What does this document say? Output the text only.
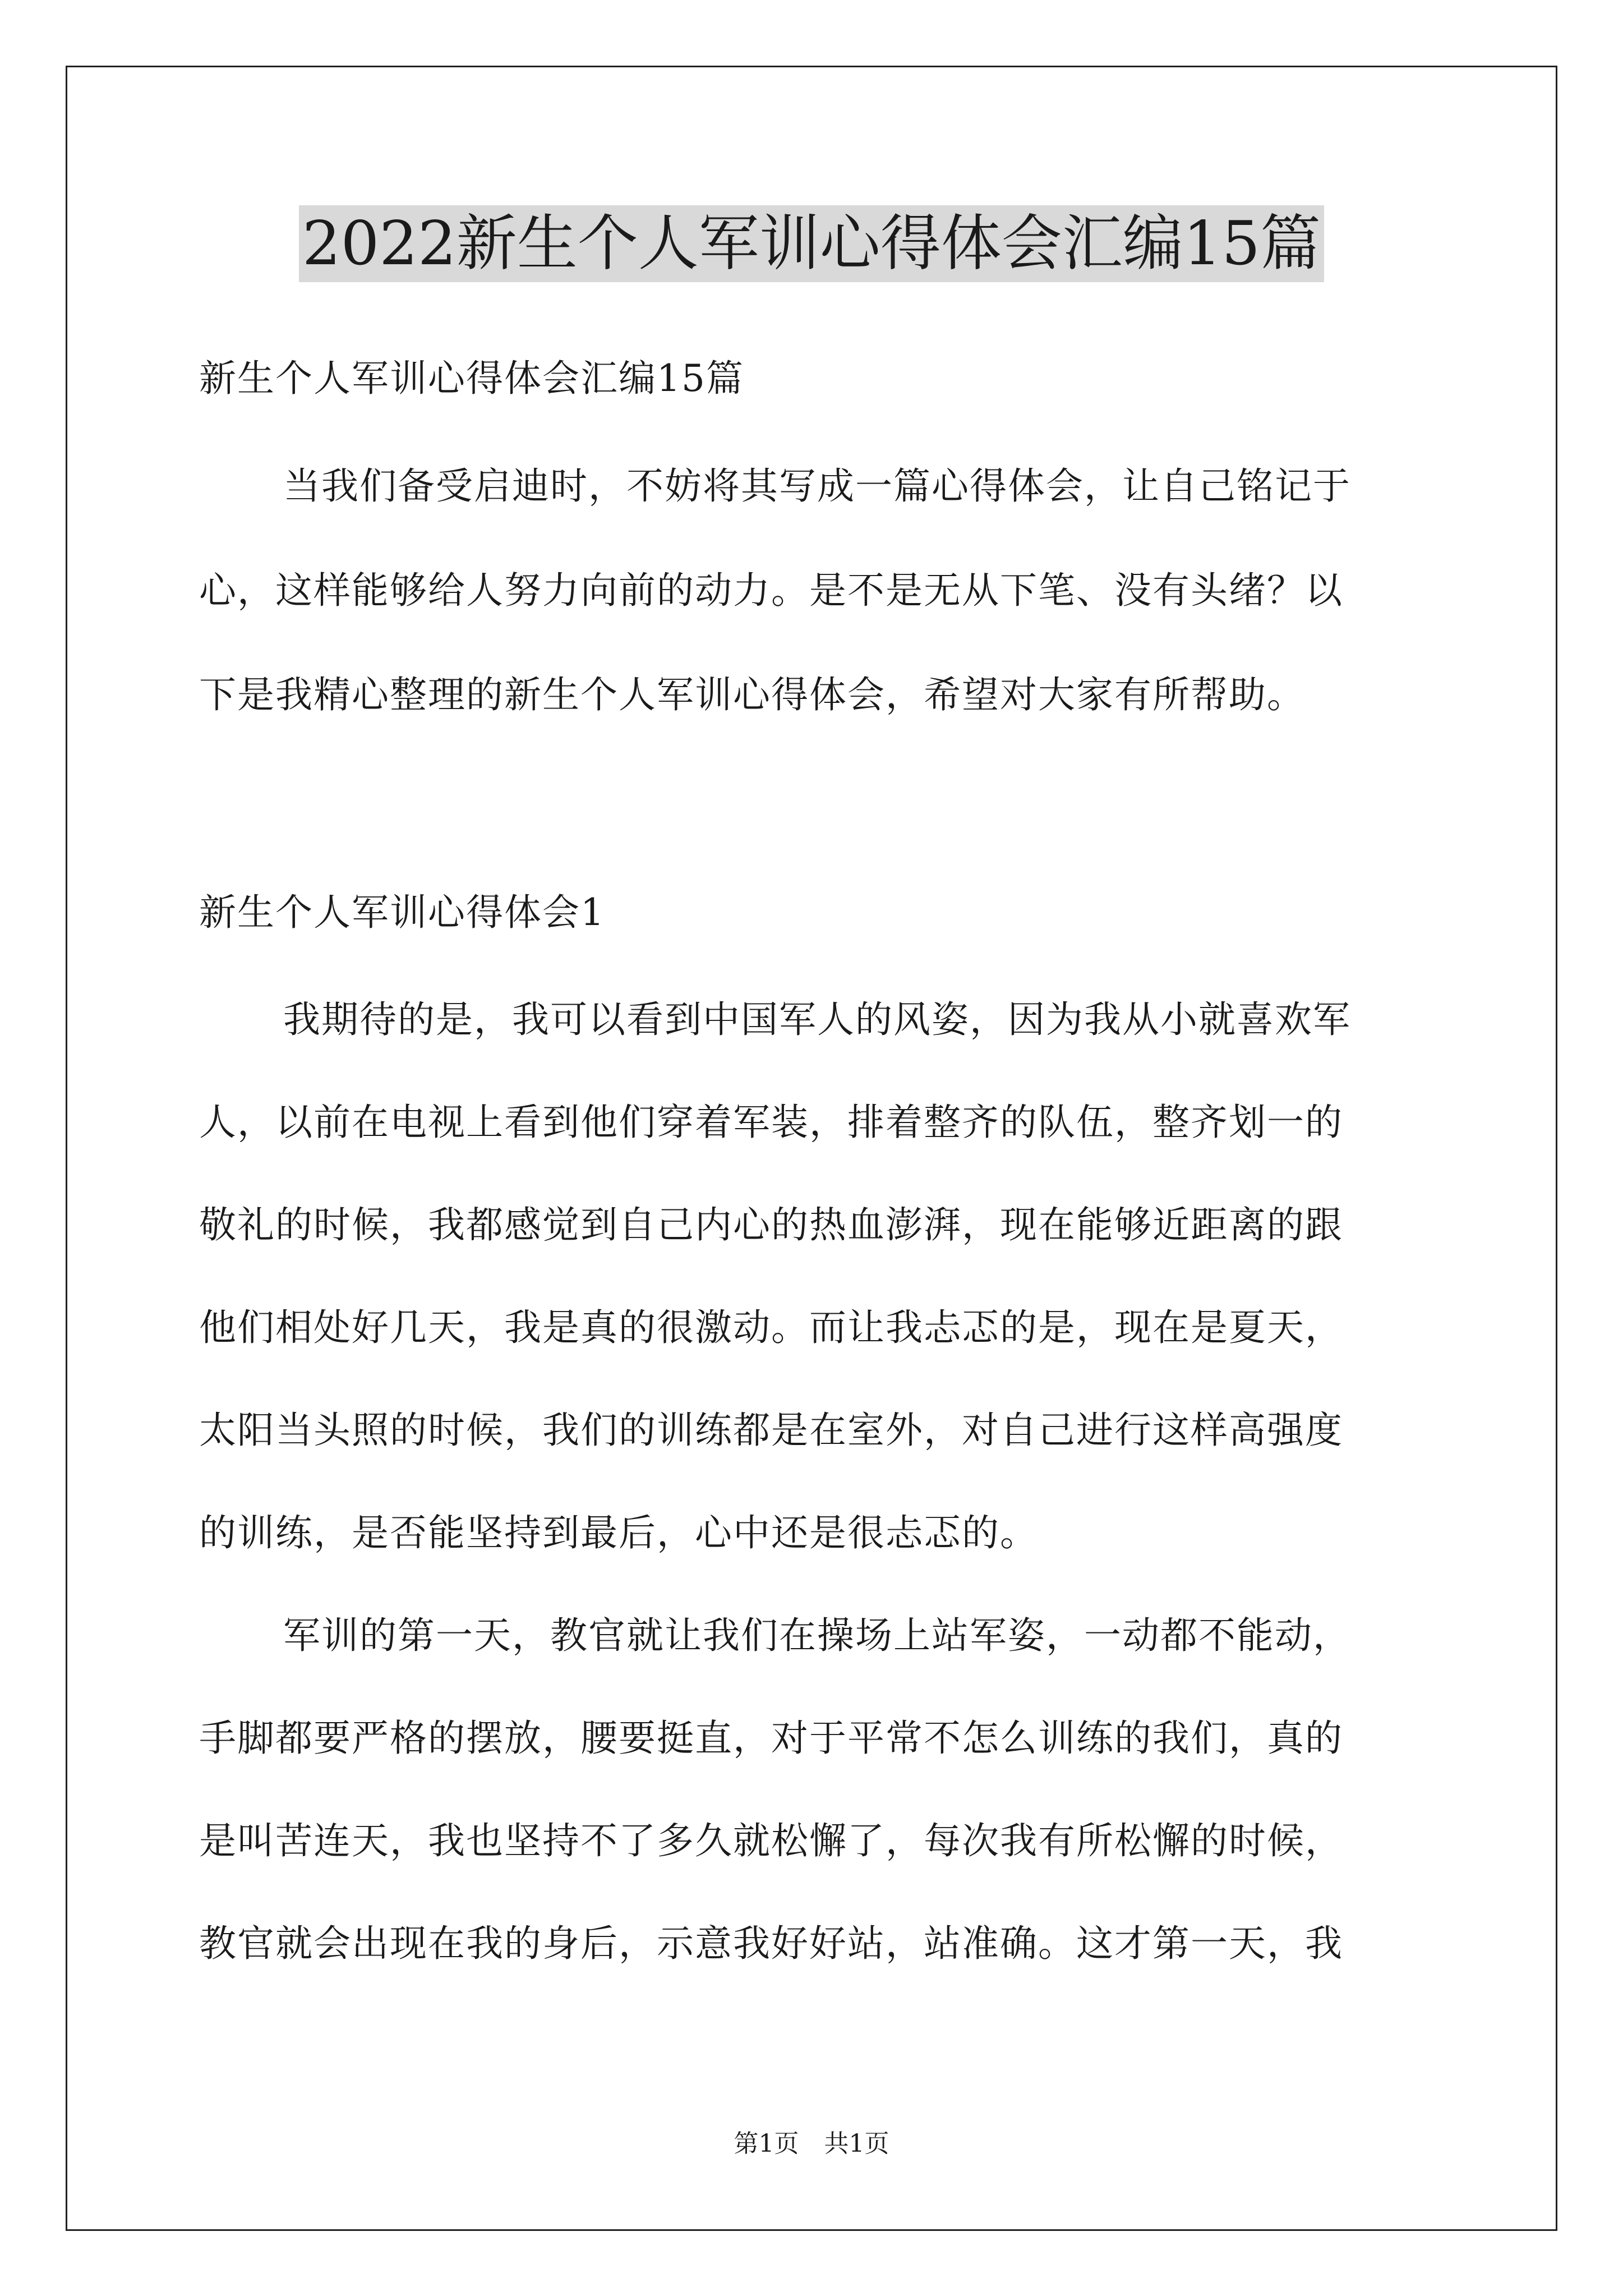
2022新生个人军训心得体会汇编15篇
新生个人军训心得体会汇编15篇
当我们备受启迪时，不妨将其写成一篇心得体会，让自己铭记于
心，这样能够给人努力向前的动力。是不是无从下笔、没有头绪？以
下是我精心整理的新生个人军训心得体会，希望对大家有所帮助。
新生个人军训心得体会1
我期待的是，我可以看到中国军人的风姿，因为我从小就喜欢军
人，以前在电视上看到他们穿着军装，排着整齐的队伍，整齐划一的
敬礼的时候，我都感觉到自己内心的热血澎湃，现在能够近距离的跟
他们相处好几天，我是真的很激动。而让我忐忑的是，现在是夏天，
太阳当头照的时候，我们的训练都是在室外，对自己进行这样高强度
的训练，是否能坚持到最后，心中还是很忐忑的。
军训的第一天，教官就让我们在操场上站军姿，一动都不能动，
手脚都要严格的摆放，腰要挺直，对于平常不怎么训练的我们，真的
是叫苦连天，我也坚持不了多久就松懈了，每次我有所松懈的时候，
教官就会出现在我的身后，示意我好好站，站准确。这才第一天，我
第1页 共1页
